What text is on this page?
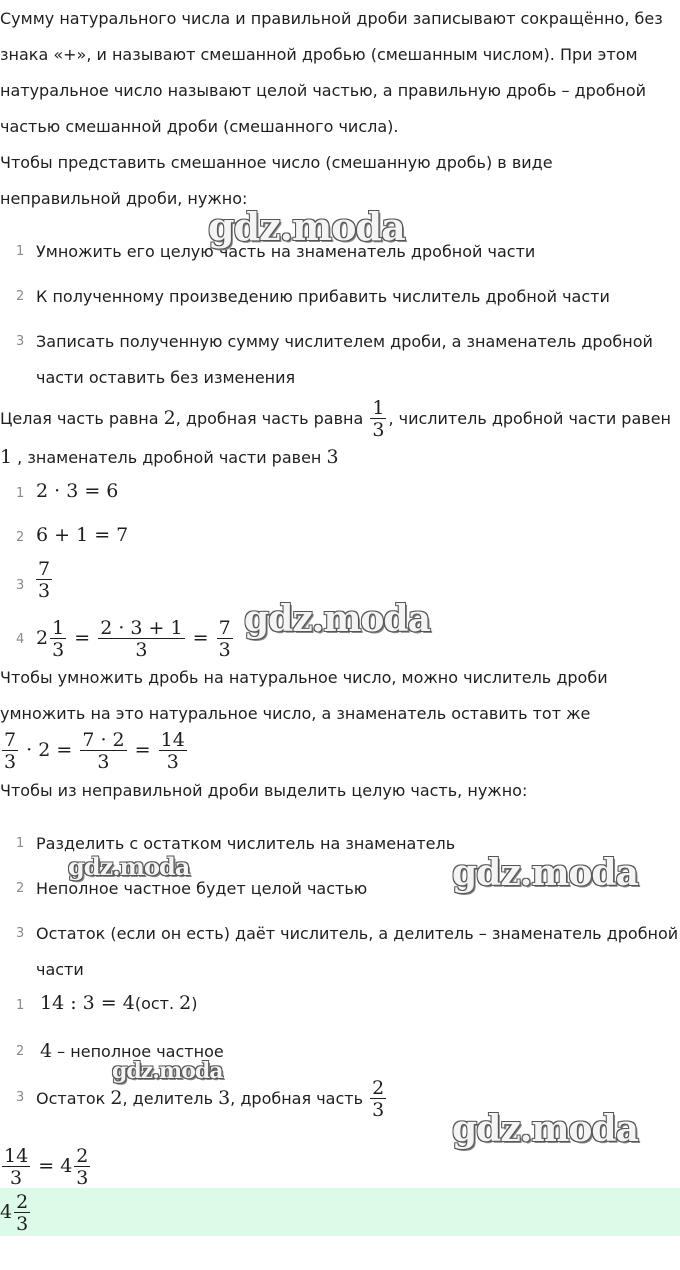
Сумму натурального числа и правильной дроби записывают сокращённо, без
знака «+», и называют смешанной дробью (смешанным числом). При этом
натуральное число называют целой частью, а правильную дробь – дробной
частью смешанной дроби (смешанного числа).
Чтобы представить смешанное число (смешанную дробь) в виде
неправильной дроби, нужно:
1 Умножить его целую часть на знаменатель дробной части
2 К полученному произведению прибавить числитель дробной части
3 Записать полученную сумму числителем дроби, а знаменатель дробной
части оставить без изменения
Целая часть равна 2, дробная часть равна $\frac{1}{3}$ , числитель дробной части равен
1 , знаменатель дробной части равен 3
1 2 · 3 = 6
2 6 + 1 = 7
$3 \frac{7}{3}$
4 $2 \frac{1}{3} = \frac{2 \cdot 3 + 1}{3} = \frac{7}{3}$
Чтобы умножить дробь на натуральное число, можно числитель дроби
умножить на это натуральное число, а знаменатель оставить тот же
$\frac{7}{3} \cdot 2 = \frac{7 \cdot 2}{3} = \frac{14}{3}$
Чтобы из неправильной дроби выделить целую часть, нужно:
1 Разделить с остатком числитель на знаменатель
2 Неполное частное будет целой частью
3 Остаток (если он есть) даёт числитель, а делитель – знаменатель дробной
части
1 14 : 3 = 4(ост. 2)
2 4 – неполное частное
3 Остаток 2, делитель 3, дробная часть $\frac{2}{3}$
$\frac{14}{3} = 4 \frac{2}{3}$
$4 \frac{2}{3}$
gdz.moda
gdz.moda
gdz.moda	gdz.moda
gdz.moda
gdz.moda
